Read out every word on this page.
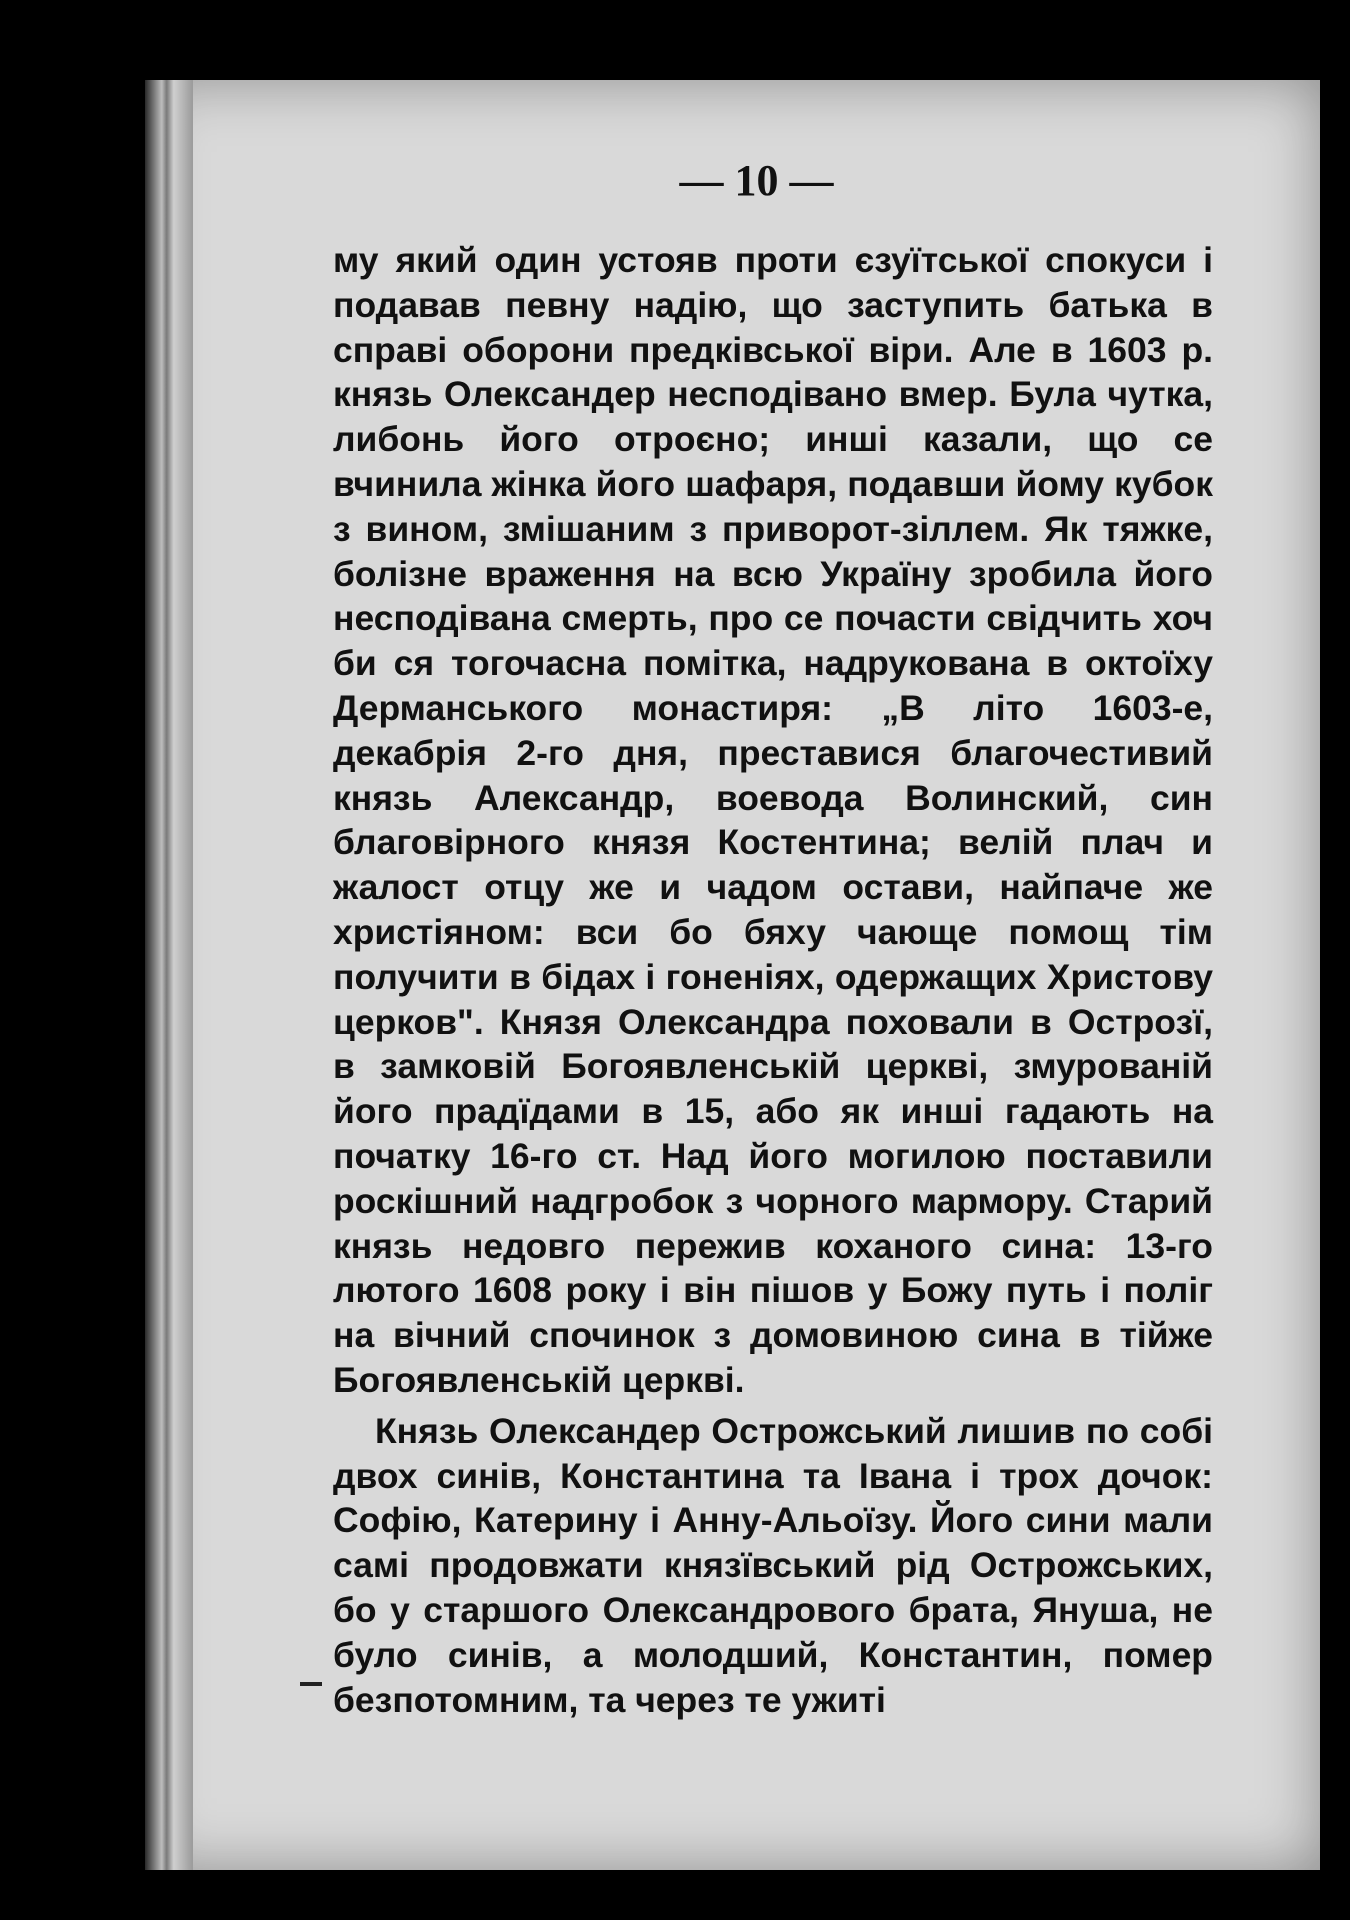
— 10 —

му який один устояв проти єзуїтської спокуси і подавав певну надію, що заступить батька в справі оборони предківської віри. Але в 1603 р. князь Олександер несподівано вмер. Була чутка, либонь його отроєно; инші казали, що се вчинила жінка його шафаря, подавши йому кубок з вином, змішаним з приворот-зіллем. Як тяжке, болізне враження на всю Україну зробила його несподівана смерть, про се почасти свідчить хоч би ся тогочасна помітка, надрукована в октоїху Дерманського монастиря: „В літо 1603-е, декабрія 2-го дня, преставися благочестивий князь Александр, воевода Волинский, син благовірного князя Костентина; велій плач и жалост отцу же и чадом остави, найпаче же христіяном: вси бо бяху чающе помощ тім получити в бідах і гоненіях, одержащих Христову церков". Князя Олександра поховали в Острозї, в замковій Богоявленській церкві, змурованій його прадїдами в 15, або як инші гадають на початку 16-го ст. Над його могилою поставили роскішний надгробок з чорного мармору. Старий князь недовго пережив коханого сина: 13-го лютого 1608 року і він пішов у Божу путь і поліг на вічний спочинок з домовиною сина в тійже Богоявленській церкві.

Князь Олександер Острожський лишив по собі двох синів, Константина та Івана і трох дочок: Софію, Катерину і Анну-Альоїзу. Його сини мали самі продовжати князївський рід Острожських, бо у старшого Олександрового брата, Януша, не було синів, а молодший, Константин, помер безпотомним, та через те ужиті
